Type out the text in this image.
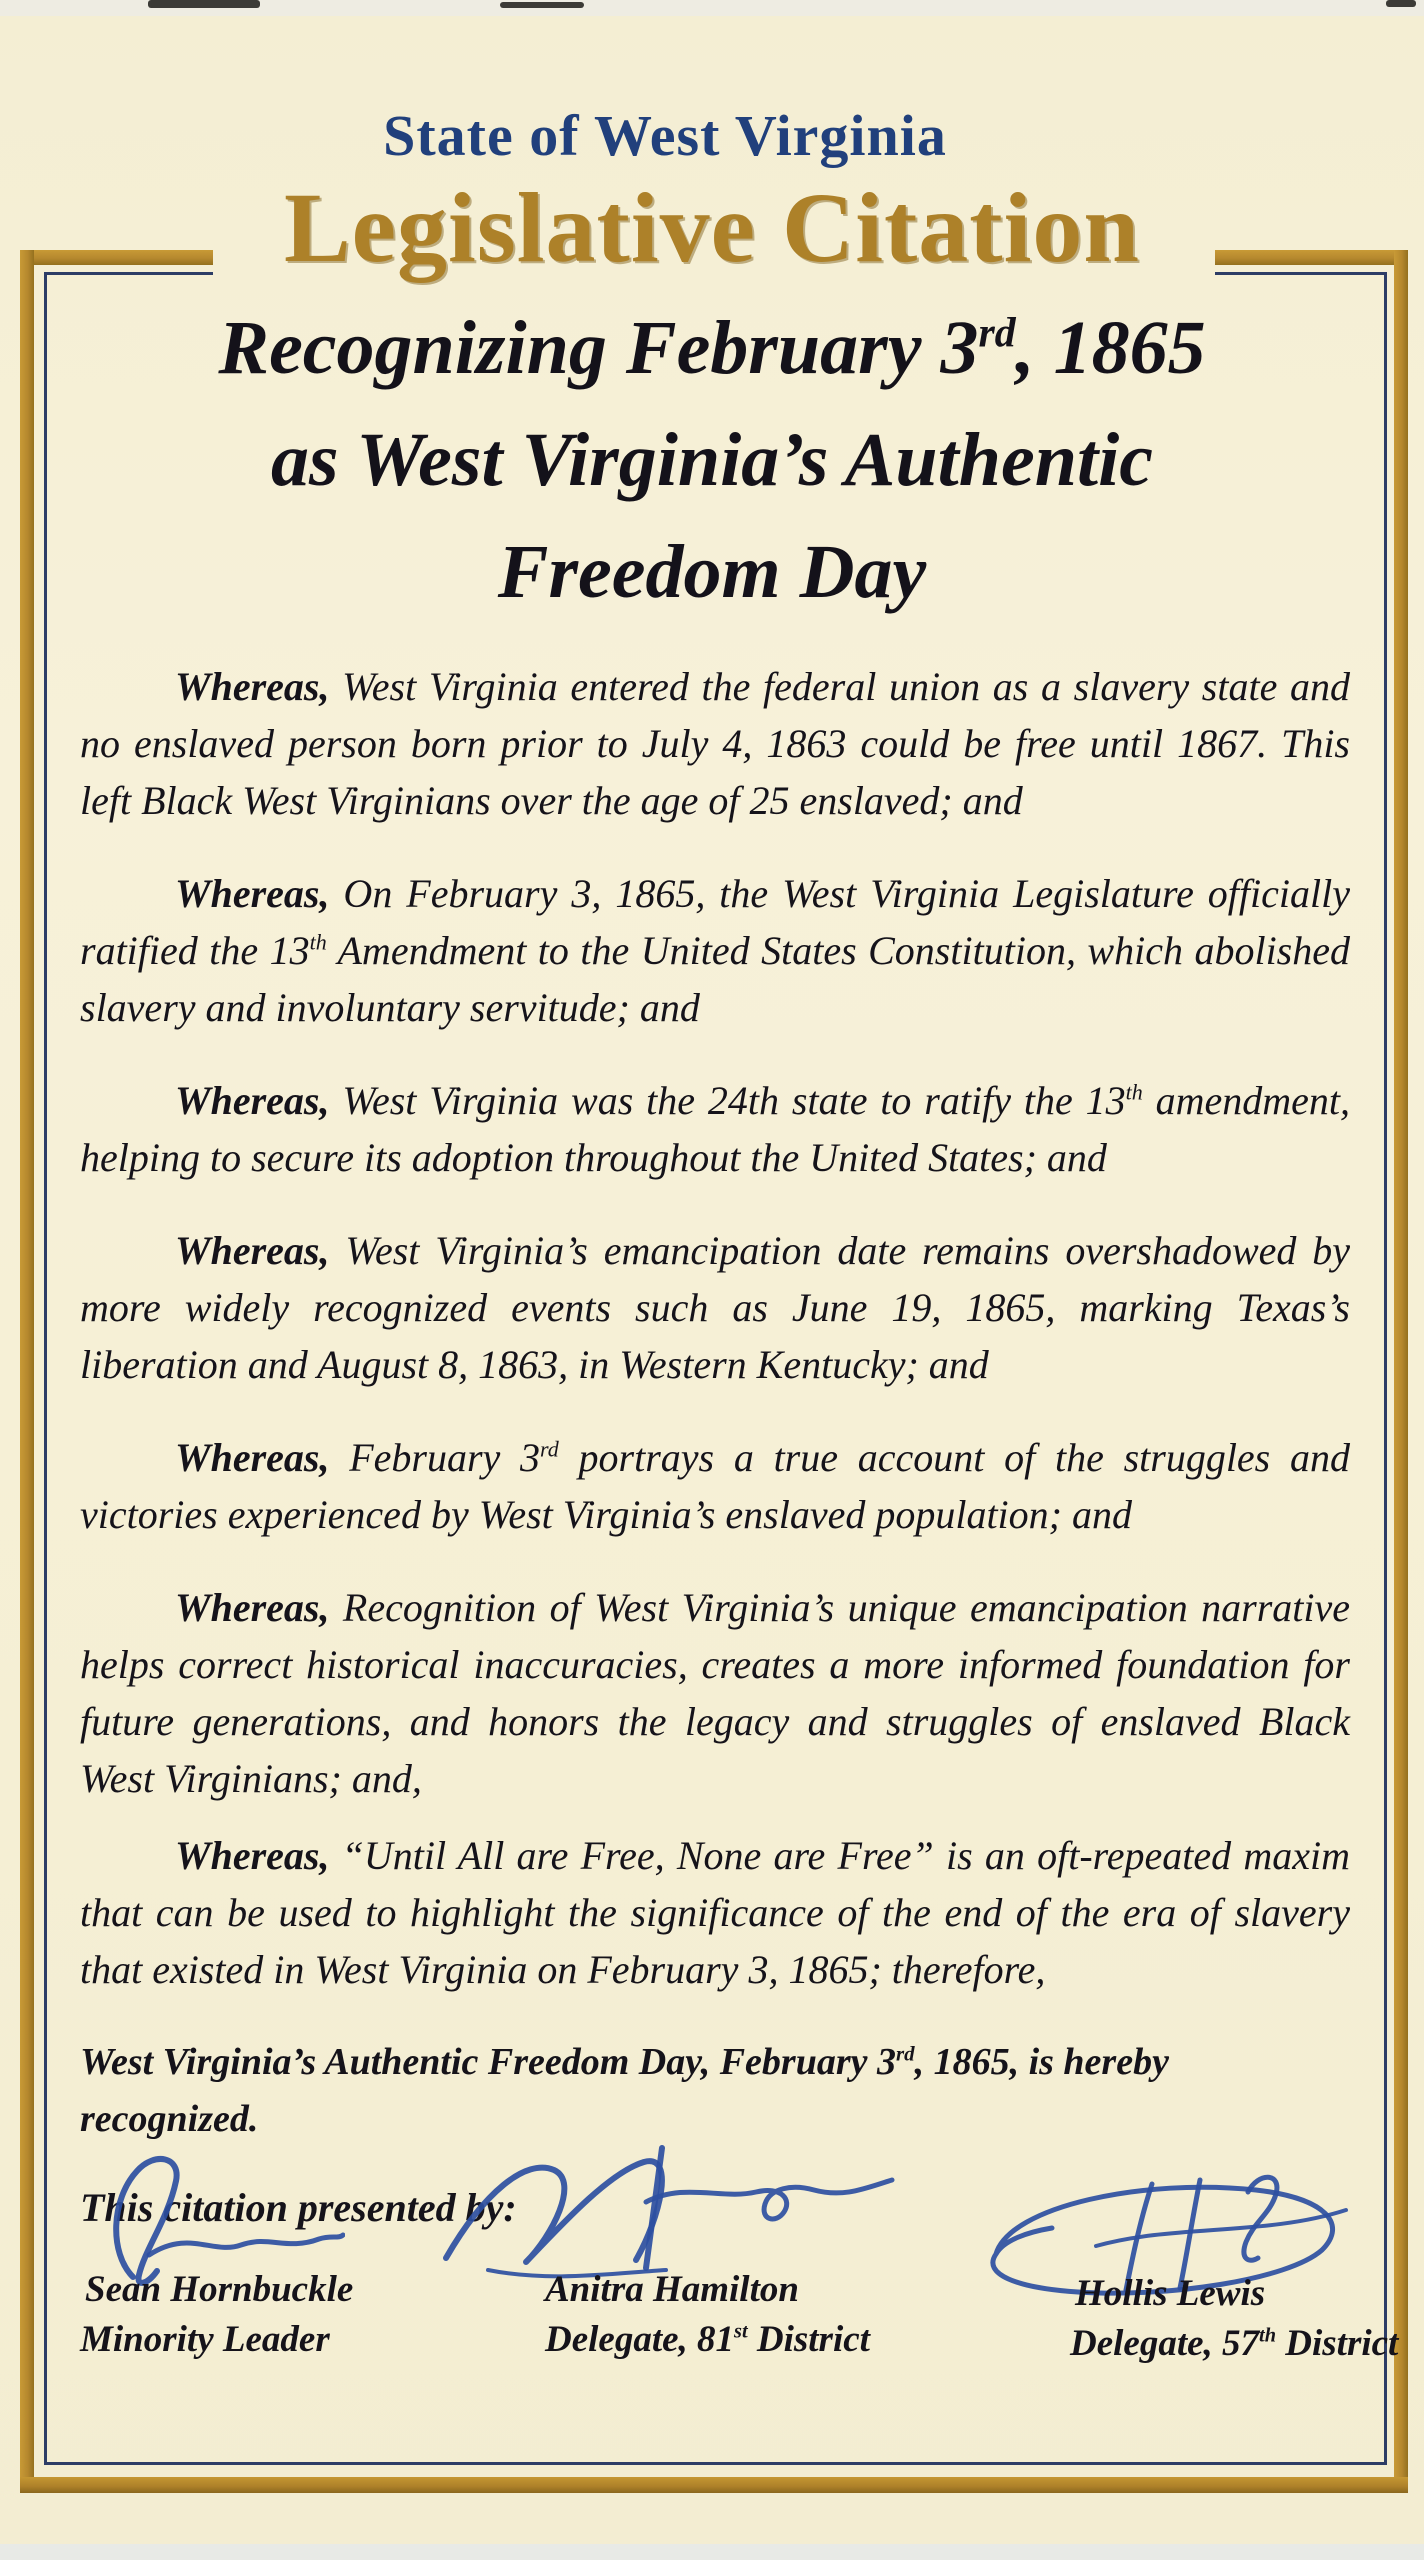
State of West Virginia
Legislative Citation
Recognizing February 3rd, 1865
as West Virginia’s Authentic
Freedom Day

Whereas, West Virginia entered the federal union as a slavery state and no enslaved person born prior to July 4, 1863 could be free until 1867. This left Black West Virginians over the age of 25 enslaved; and

Whereas, On February 3, 1865, the West Virginia Legislature officially ratified the 13th Amendment to the United States Constitution, which abolished slavery and involuntary servitude; and

Whereas, West Virginia was the 24th state to ratify the 13th amendment, helping to secure its adoption throughout the United States; and

Whereas, West Virginia’s emancipation date remains overshadowed by more widely recognized events such as June 19, 1865, marking Texas’s liberation and August 8, 1863, in Western Kentucky; and

Whereas, February 3rd portrays a true account of the struggles and victories experienced by West Virginia’s enslaved population; and

Whereas, Recognition of West Virginia’s unique emancipation narrative helps correct historical inaccuracies, creates a more informed foundation for future generations, and honors the legacy and struggles of enslaved Black West Virginians; and,

Whereas, “Until All are Free, None are Free” is an oft-repeated maxim that can be used to highlight the significance of the end of the era of slavery that existed in West Virginia on February 3, 1865; therefore,

West Virginia’s Authentic Freedom Day, February 3rd, 1865, is hereby recognized.
This citation presented by:
Sean Hornbuckle	Anitra Hamilton	Hollis Lewis
Minority Leader	Delegate, 81st District	Delegate, 57th District
